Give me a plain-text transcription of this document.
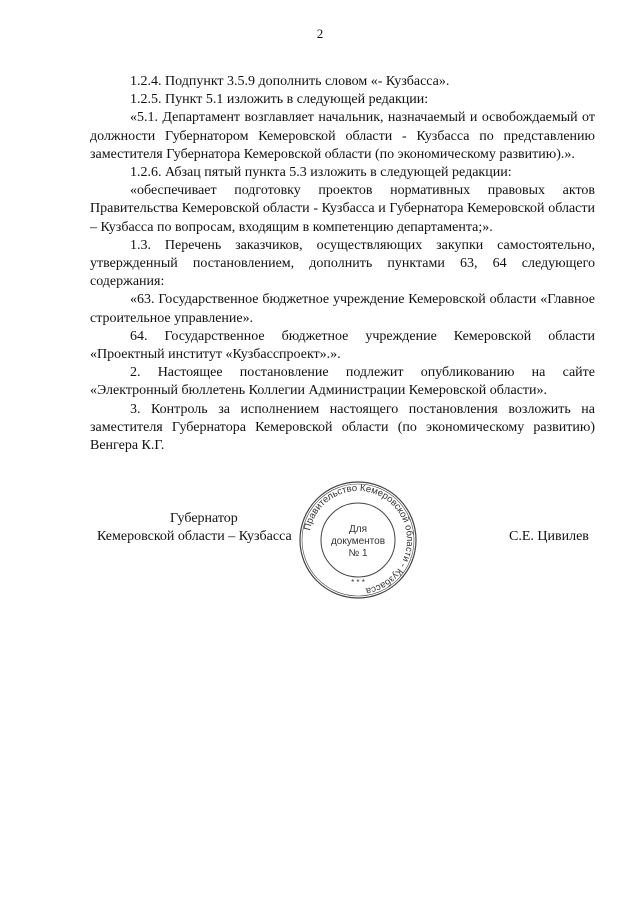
2

1.2.4. Подпункт 3.5.9 дополнить словом «- Кузбасса».

1.2.5. Пункт 5.1 изложить в следующей редакции:

«5.1. Департамент возглавляет начальник, назначаемый и освобождаемый от должности Губернатором Кемеровской области - Кузбасса по представлению заместителя Губернатора Кемеровской области (по экономическому развитию).».

1.2.6. Абзац пятый пункта 5.3 изложить в следующей редакции:

«обеспечивает подготовку проектов нормативных правовых актов Правительства Кемеровской области - Кузбасса и Губернатора Кемеровской области – Кузбасса по вопросам, входящим в компетенцию департамента;».

1.3. Перечень заказчиков, осуществляющих закупки самостоятельно, утвержденный постановлением, дополнить пунктами 63, 64 следующего содержания:

«63. Государственное бюджетное учреждение Кемеровской области «Главное строительное управление».

64. Государственное бюджетное учреждение Кемеровской области «Проектный институт «Кузбасспроект».».

2. Настоящее постановление подлежит опубликованию на сайте «Электронный бюллетень Коллегии Администрации Кемеровской области».

3. Контроль за исполнением настоящего постановления возложить на заместителя Губернатора Кемеровской области (по экономическому развитию) Венгера К.Г.

Губернатор
Кемеровской области – Кузбасса	С.Е. Цивилев
Правительство Кемеровской области - Кузбасса
* * *
Для
документов
№ 1
